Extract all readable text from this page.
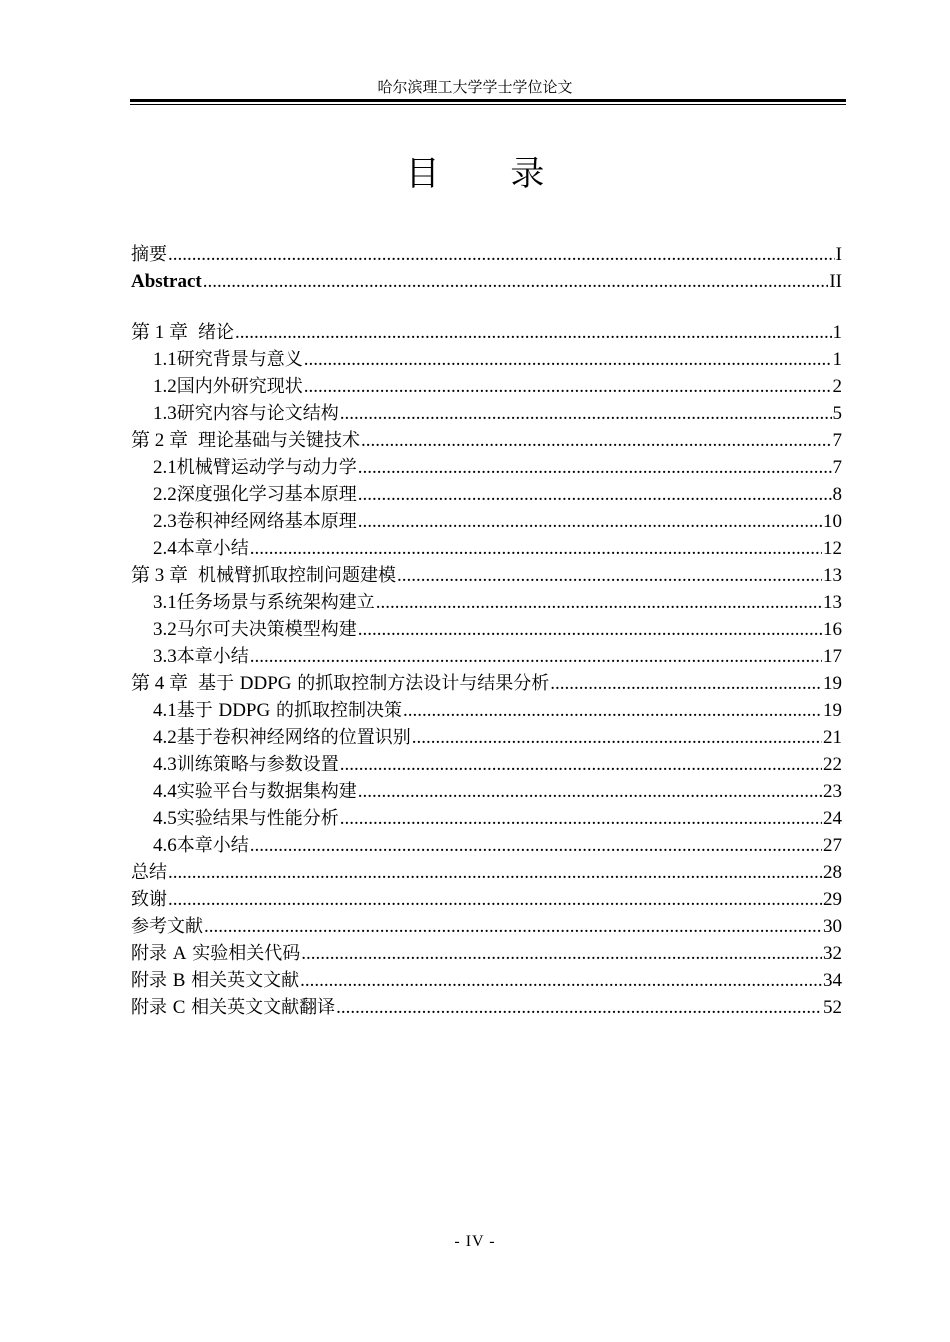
哈尔滨理工大学学士学位论文
目 录
摘要 .....	I
Abstract .....	II
第 1 章 绪论 .....	1
1.1 研究背景与意义 .....	1
1.2 国内外研究现状 .....	2
1.3 研究内容与论文结构 .....	5
第 2 章 理论基础与关键技术 .....	7
2.1 机械臂运动学与动力学 .....	7
2.2 深度强化学习基本原理 .....	8
2.3 卷积神经网络基本原理 .....	10
2.4 本章小结 .....	12
第 3 章 机械臂抓取控制问题建模 .....	13
3.1 任务场景与系统架构建立 .....	13
3.2 马尔可夫决策模型构建 .....	16
3.3 本章小结 .....	17
第 4 章 基于 DDPG 的抓取控制方法设计与结果分析 .....	19
4.1 基于 DDPG 的抓取控制决策 .....	19
4.2 基于卷积神经网络的位置识别 .....	21
4.3 训练策略与参数设置 .....	22
4.4 实验平台与数据集构建 .....	23
4.5 实验结果与性能分析 .....	24
4.6 本章小结 .....	27
总结 .....	28
致谢 .....	29
参考文献 .....	30
附录 A 实验相关代码 .....	32
附录 B 相关英文文献 .....	34
附录 C 相关英文文献翻译 .....	52
- IV -
